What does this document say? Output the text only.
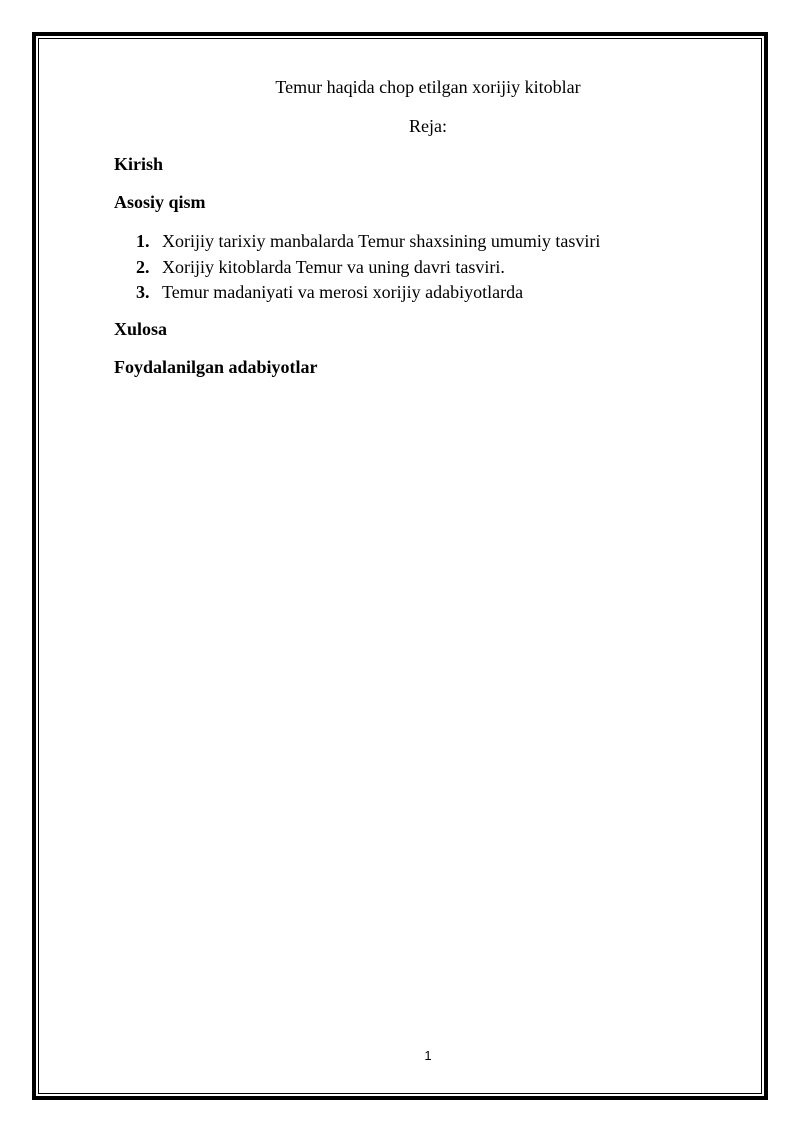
Temur haqida chop etilgan xorijiy kitoblar
Reja:
Kirish
Asosiy qism
1. Xorijiy tarixiy manbalarda Temur shaxsining umumiy tasviri
2. Xorijiy kitoblarda Temur va uning davri tasviri.
3. Temur madaniyati va merosi xorijiy adabiyotlarda
Xulosa
Foydalanilgan adabiyotlar
1
